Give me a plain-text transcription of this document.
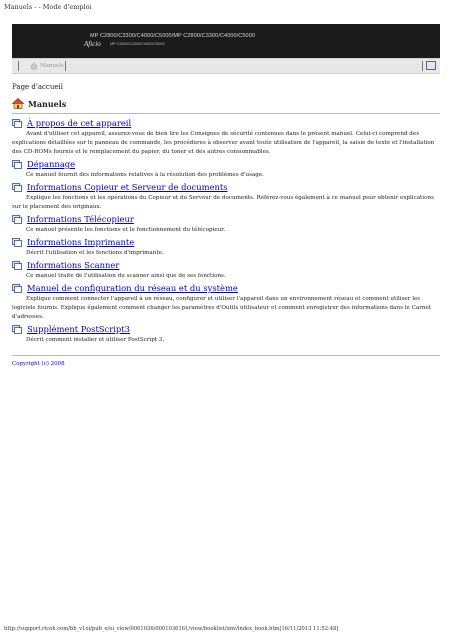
Manuels - - Mode d'emploi
MP C2800/C3300/C4000/C5000/MP C2800/C3300/C4000/C5000
Aficio MP C2800/C3300/C4000/C5000
Manuels
Page d'accueil
Manuels
À propos de cet appareil
Avant d'utiliser cet appareil, assurez-vous de bien lire les Consignes de sécurité contenues dans le présent manuel. Celui-ci comprend des explications détaillées sur le panneau de commande, les procédures à observer avant toute utilisation de l'appareil, la saisie de texte et l'installation des CD-ROMs fournis et le remplacement du papier, du toner et des autres consommables.
Dépannage
Ce manuel fournit des informations relatives à la résolution des problèmes d'usage.
Informations Copieur et Serveur de documents
Explique les fonctions et les opérations du Copieur et du Serveur de documents. Référez-vous également à ce manuel pour obtenir explications sur le placement des originaux.
Informations Télécopieur
Ce manuel présente les fonctions et le fonctionnement du télécopieur.
Informations Imprimante
Décrit l'utilisation et les fonctions d'imprimante.
Informations Scanner
Ce manuel traite de l'utilisation du scanner ainsi que de ses fonctions.
Manuel de configuration du réseau et du système
Explique comment connecter l'appareil à un réseau, configurer et utiliser l'appareil dans un environnement réseau et comment utiliser les logiciels fournis. Explique également comment changer les paramètres d'Outils utilisateur et comment enregistrer des informations dans le Carnet d'adresses.
Supplément PostScript3
Décrit comment installer et utiliser PostScript 3.
Copyright (c) 2008
http://support.ricoh.com/bb_v1oi/pub_e/oi_view/0001036/0001036161/view/booklist/unv/index_book.htm[16/11/2013 11:52:48]
